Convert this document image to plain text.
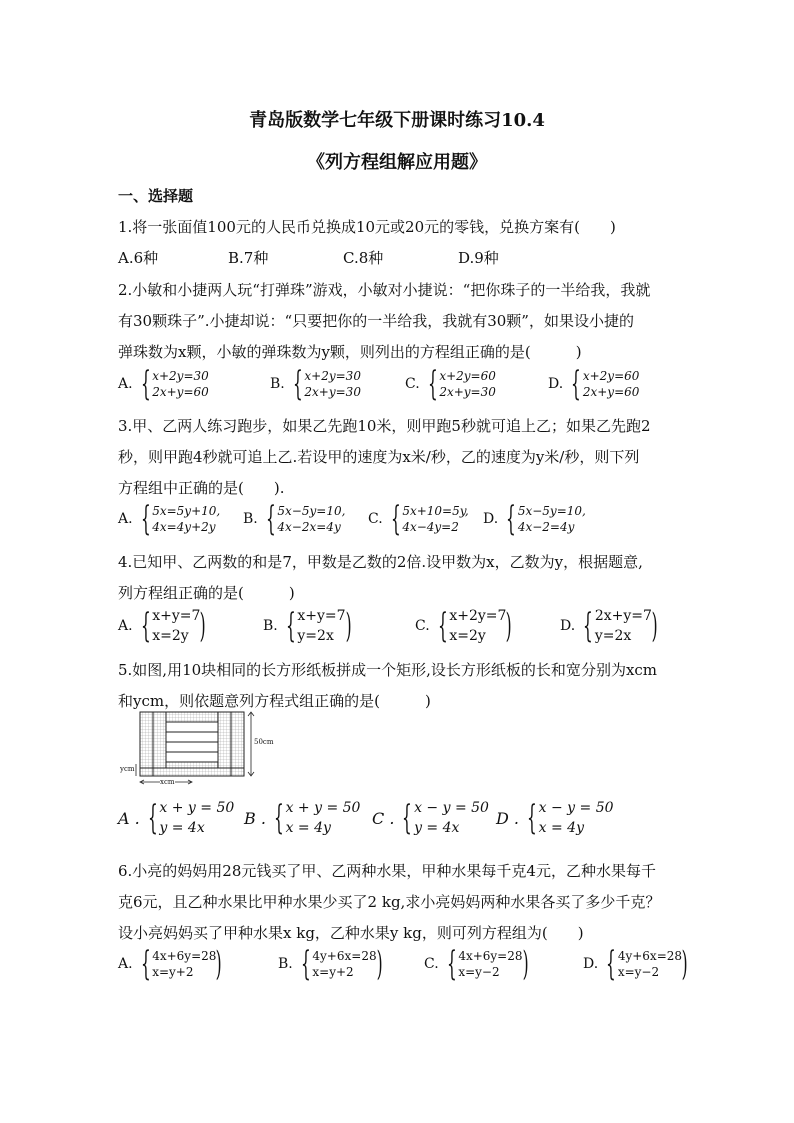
青岛版数学七年级下册课时练习10.4
《列方程组解应用题》
一、选择题
1.将一张面值100元的人民币兑换成10元或20元的零钱，兑换方案有(　　)
A.6种	B.7种	C.8种	D.9种
2.小敏和小捷两人玩“打弹珠”游戏，小敏对小捷说：“把你珠子的一半给我，我就
有30颗珠子”.小捷却说：“只要把你的一半给我，我就有30颗”，如果设小捷的
弹珠数为x颗，小敏的弹珠数为y颗，则列出的方程组正确的是(　　　)
A. { x+2y=30
2x+y=60	B. { x+2y=30
2x+y=30	C. { x+2y=60
2x+y=30	D. { x+2y=60
2x+y=60
3.甲、乙两人练习跑步，如果乙先跑10米，则甲跑5秒就可追上乙；如果乙先跑2
秒，则甲跑4秒就可追上乙.若设甲的速度为x米/秒，乙的速度为y米/秒，则下列
方程组中正确的是(　　).
A. { 5x=5y+10,
4x=4y+2y	B. { 5x−5y=10,
4x−2x=4y	C. { 5x+10=5y,
4x−4y=2	D. { 5x−5y=10,
4x−2=4y
4.已知甲、乙两数的和是7，甲数是乙数的2倍.设甲数为x，乙数为y，根据题意,
列方程组正确的是(　　　)
A. { x+y=7
x=2y )	B. { x+y=7
y=2x )	C. { x+2y=7
x=2y )	D. { 2x+y=7
y=2x )
5.如图,用10块相同的长方形纸板拼成一个矩形,设长方形纸板的长和宽分别为xcm
和ycm，则依题意列方程式组正确的是(　　　)
50cm
ycm
xcm
A . { x + y = 50
y = 4x
B . { x + y = 50
x = 4y
C . { x − y = 50
y = 4x
D . { x − y = 50
x = 4y
6.小亮的妈妈用28元钱买了甲、乙两种水果，甲种水果每千克4元，乙种水果每千
克6元，且乙种水果比甲种水果少买了2 kg,求小亮妈妈两种水果各买了多少千克？
设小亮妈妈买了甲种水果x kg，乙种水果y kg，则可列方程组为(　　)
A. { 4x+6y=28
x=y+2 )	B. { 4y+6x=28
x=y+2 )	C. { 4x+6y=28
x=y−2 )	D. { 4y+6x=28
x=y−2 )
